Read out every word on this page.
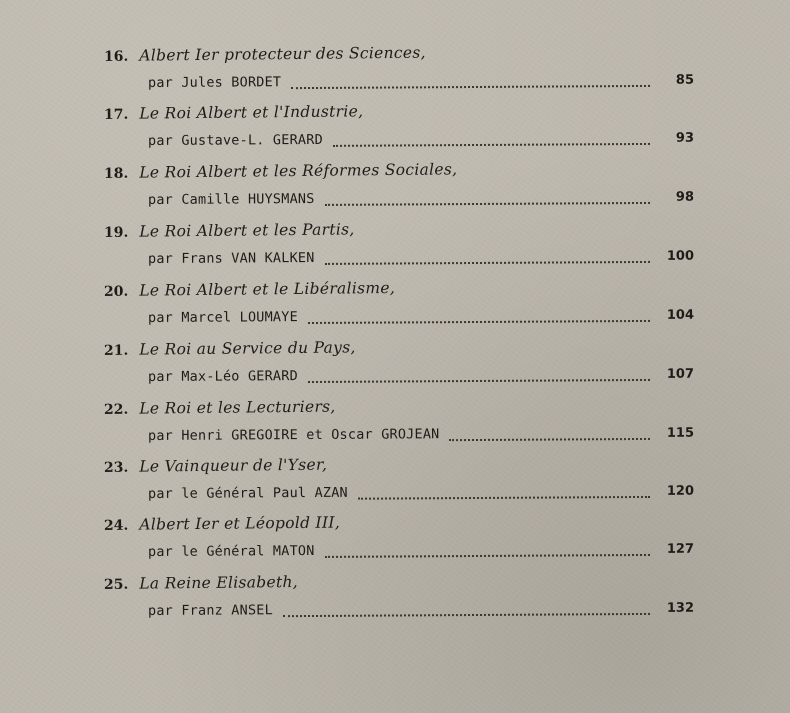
16. Albert Ier protecteur des Sciences,
par Jules BORDET	85
17. Le Roi Albert et l'Industrie,
par Gustave-L. GERARD	93
18. Le Roi Albert et les Réformes Sociales,
par Camille HUYSMANS	98
19. Le Roi Albert et les Partis,
par Frans VAN KALKEN	100
20. Le Roi Albert et le Libéralisme,
par Marcel LOUMAYE	104
21. Le Roi au Service du Pays,
par Max-Léo GERARD	107
22. Le Roi et les Lecturiers,
par Henri GREGOIRE et Oscar GROJEAN	115
23. Le Vainqueur de l'Yser,
par le Général Paul AZAN	120
24. Albert Ier et Léopold III,
par le Général MATON	127
25. La Reine Elisabeth,
par Franz ANSEL	132
